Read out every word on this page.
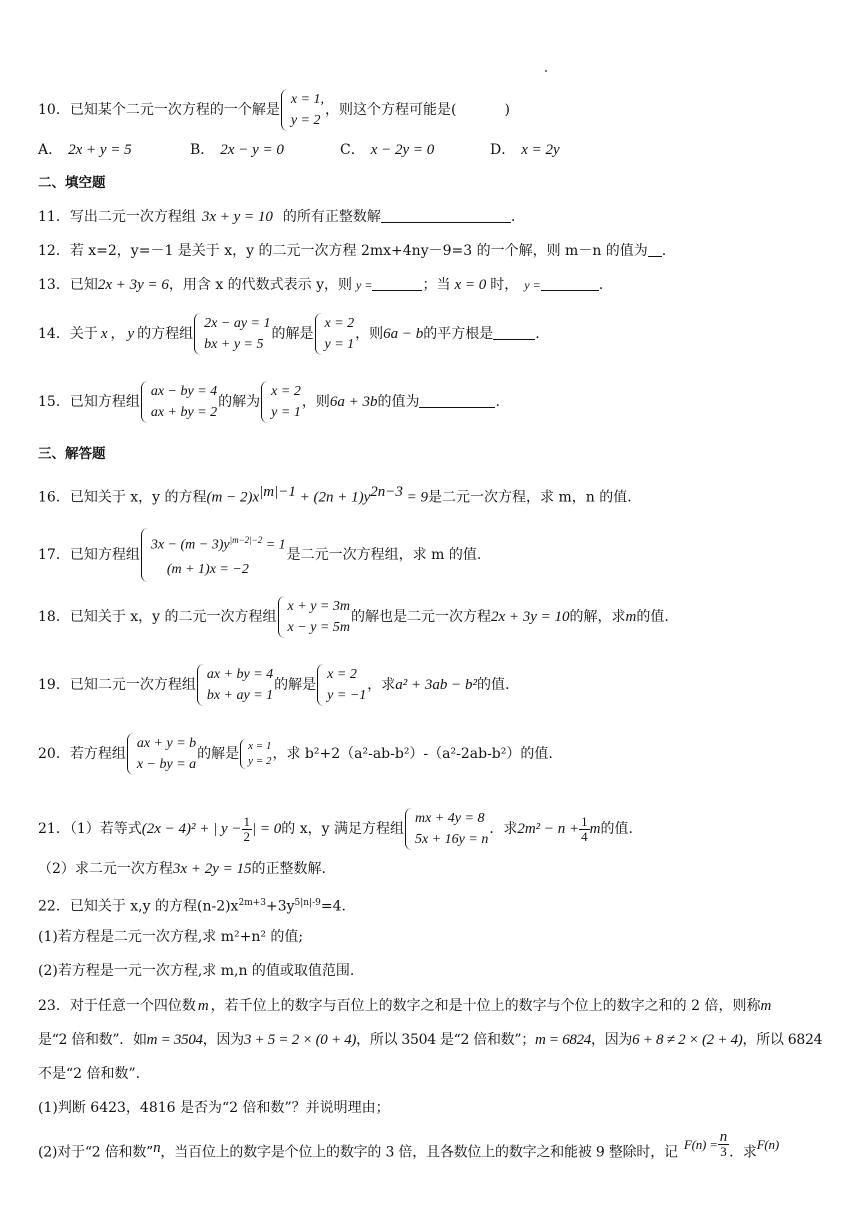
10．已知某个二元一次方程的一个解是
x = 1,
y = 2
，则这个方程可能是(	)
A． 2x + y = 5	B． 2x − y = 0	C． x − 2y = 0	D． x = 2y
二、填空题
11．写出二元一次方程组 3x + y = 10 的所有正整数解	.
12．若 x=2，y=－1 是关于 x，y 的二元一次方程 2mx+4ny－9=3 的一个解，则 m－n 的值为 .
13．已知2x + 3y = 6，用含 x 的代数式表示 y，则 y =	；当 x = 0 时， y =	.
14．关于 x ， y 的方程组
2x − ay = 1
bx + y = 5
的解是
x = 2
y = 1
，则6a − b的平方根是	.
15．已知方程组
ax − by = 4
ax + by = 2
的解为
x = 2
y = 1
，则6a + 3b的值为	.
三、解答题
16．已知关于 x，y 的方程$(m - 2)x^{|m|-1} + (2n + 1)y^{2n-3} = 9$是二元一次方程，求 m，n 的值.
17．已知方程组
$3x - (m - 3)y^{|m-2|-2} = 1$
(m + 1)x = −2
是二元一次方程组，求 m 的值.
18．已知关于 x，y 的二元一次方程组
x + y = 3m
x − y = 5m
的解也是二元一次方程2x + 3y = 10的解，求m的值.
19．已知二元一次方程组
ax + by = 4
bx + ay = 1
的解是
x = 2
y = −1
，求a² + 3ab − b²的值.
20．若方程组
ax + y = b
x − by = a
的解是 x = 1
y = 2 ，求 b²+2（a²-ab-b²）-（a²-2ab-b²）的值.
21．（1）若等式(2x − 4)² + | $y - \frac{1}{2}$ | = 0的 x，y 满足方程组
mx + 4y = 8
5x + 16y = n
．求$2m^2 - n + \frac{1}{4}$ m的值.
（2）求二元一次方程3x + 2y = 15的正整数解.
22．已知关于 x,y 的方程$(n-2)x^{2m+3}+3y^{5|n|-9}=4$.
(1)若方程是二元一次方程,求 m²+n² 的值;
(2)若方程是一元一次方程,求 m,n 的值或取值范围.
23．对于任意一个四位数 m ，若千位上的数字与百位上的数字之和是十位上的数字与个位上的数字之和的 2 倍，则称m
是“2 倍和数”．如m = 3504，因为3 + 5 = 2 × (0 + 4)，所以 3504 是“2 倍和数”；m = 6824，因为6 + 8 ≠ 2 × (2 + 4)，所以 6824
不是“2 倍和数”.
(1)判断 6423，4816 是否为“2 倍和数”？并说明理由；
(2)对于“2 倍和数”n，当百位上的数字是个位上的数字的 3 倍，且各数位上的数字之和能被 9 整除时，记$F(n) = \frac{n}{3}$ ．求F(n)
